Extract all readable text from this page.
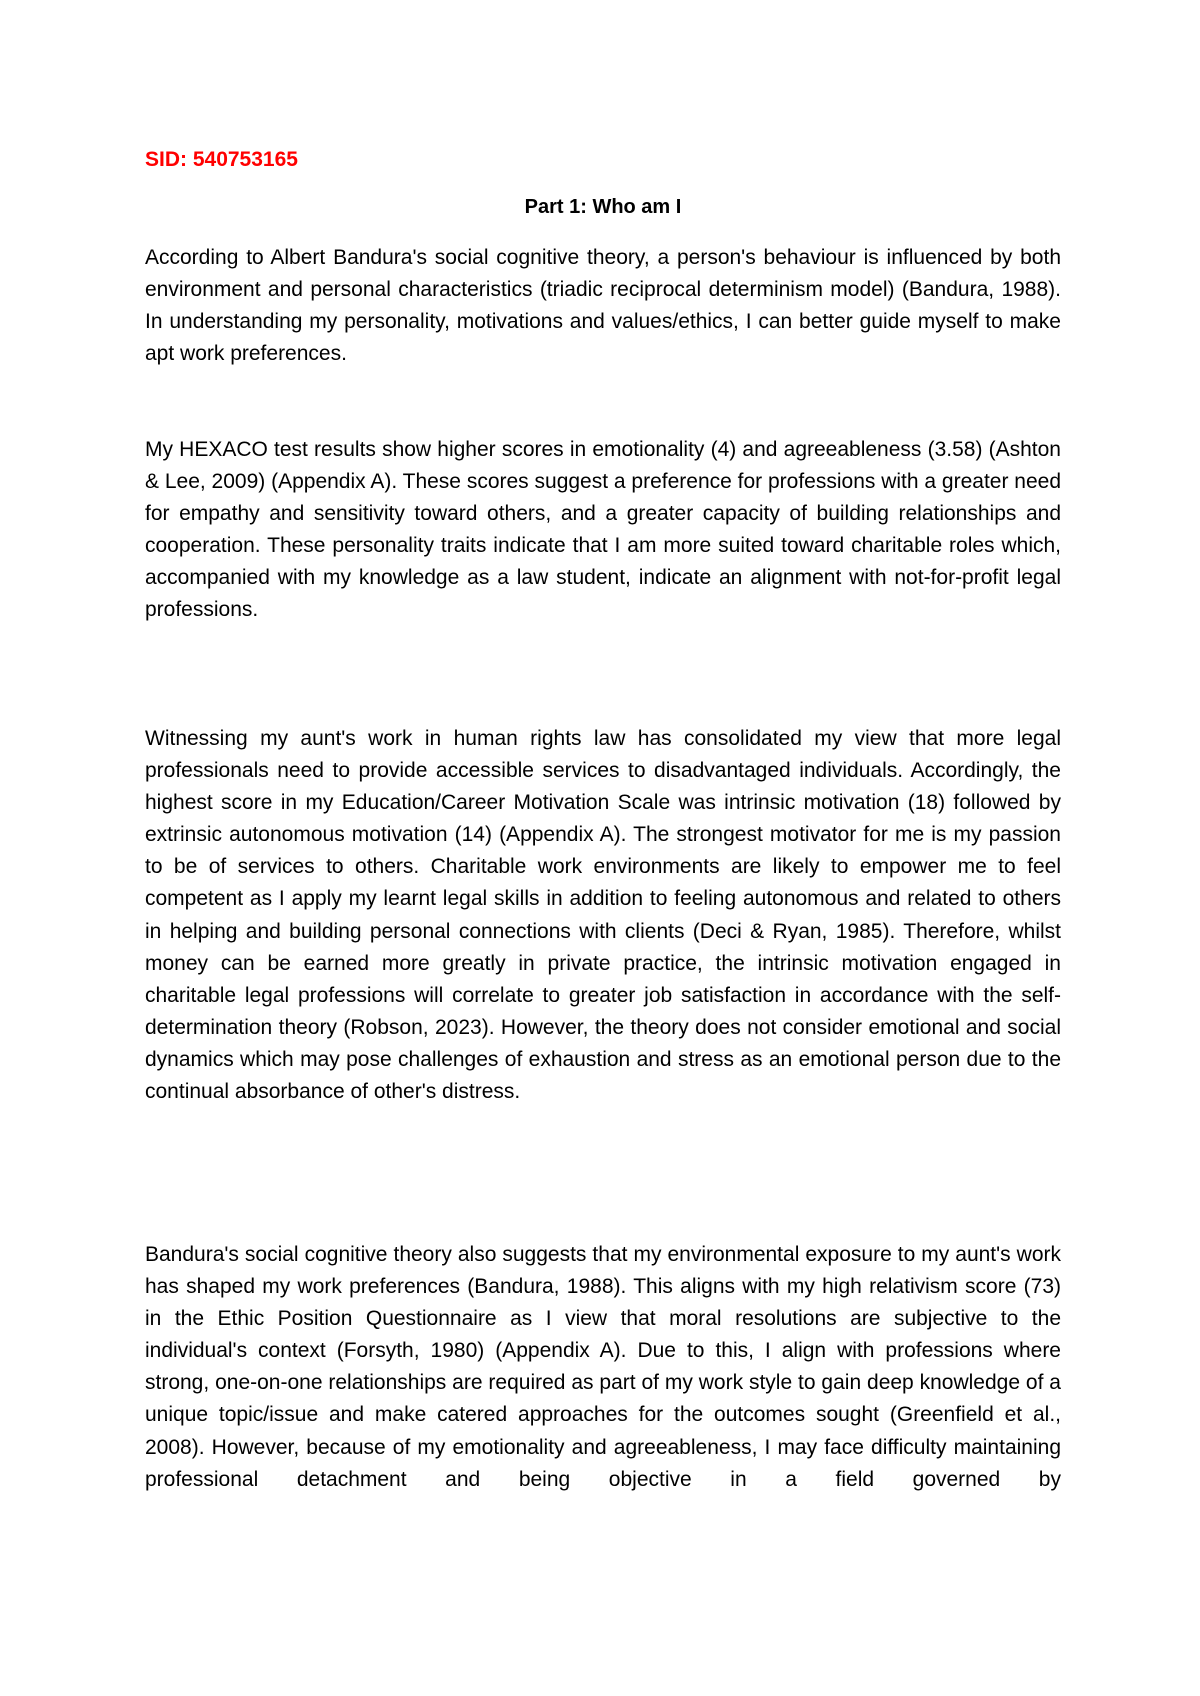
SID: 540753165
Part 1: Who am I

According to Albert Bandura's social cognitive theory, a person's behaviour is influenced by both environment and personal characteristics (triadic reciprocal determinism model) (Bandura, 1988). In understanding my personality, motivations and values/ethics, I can better guide myself to make apt work preferences.

My HEXACO test results show higher scores in emotionality (4) and agreeableness (3.58) (Ashton & Lee, 2009) (Appendix A). These scores suggest a preference for professions with a greater need for empathy and sensitivity toward others, and a greater capacity of building relationships and cooperation. These personality traits indicate that I am more suited toward charitable roles which, accompanied with my knowledge as a law student, indicate an alignment with not-for-profit legal professions.

Witnessing my aunt's work in human rights law has consolidated my view that more legal professionals need to provide accessible services to disadvantaged individuals. Accordingly, the highest score in my Education/Career Motivation Scale was intrinsic motivation (18) followed by extrinsic autonomous motivation (14) (Appendix A). The strongest motivator for me is my passion to be of services to others. Charitable work environments are likely to empower me to feel competent as I apply my learnt legal skills in addition to feeling autonomous and related to others in helping and building personal connections with clients (Deci & Ryan, 1985). Therefore, whilst money can be earned more greatly in private practice, the intrinsic motivation engaged in charitable legal professions will correlate to greater job satisfaction in accordance with the self-determination theory (Robson, 2023). However, the theory does not consider emotional and social dynamics which may pose challenges of exhaustion and stress as an emotional person due to the continual absorbance of other's distress.

Bandura's social cognitive theory also suggests that my environmental exposure to my aunt's work has shaped my work preferences (Bandura, 1988). This aligns with my high relativism score (73) in the Ethic Position Questionnaire as I view that moral resolutions are subjective to the individual's context (Forsyth, 1980) (Appendix A). Due to this, I align with professions where strong, one-on-one relationships are required as part of my work style to gain deep knowledge of a unique topic/issue and make catered approaches for the outcomes sought (Greenfield et al., 2008). However, because of my emotionality and agreeableness, I may face difficulty maintaining professional detachment and being objective in a field governed by
